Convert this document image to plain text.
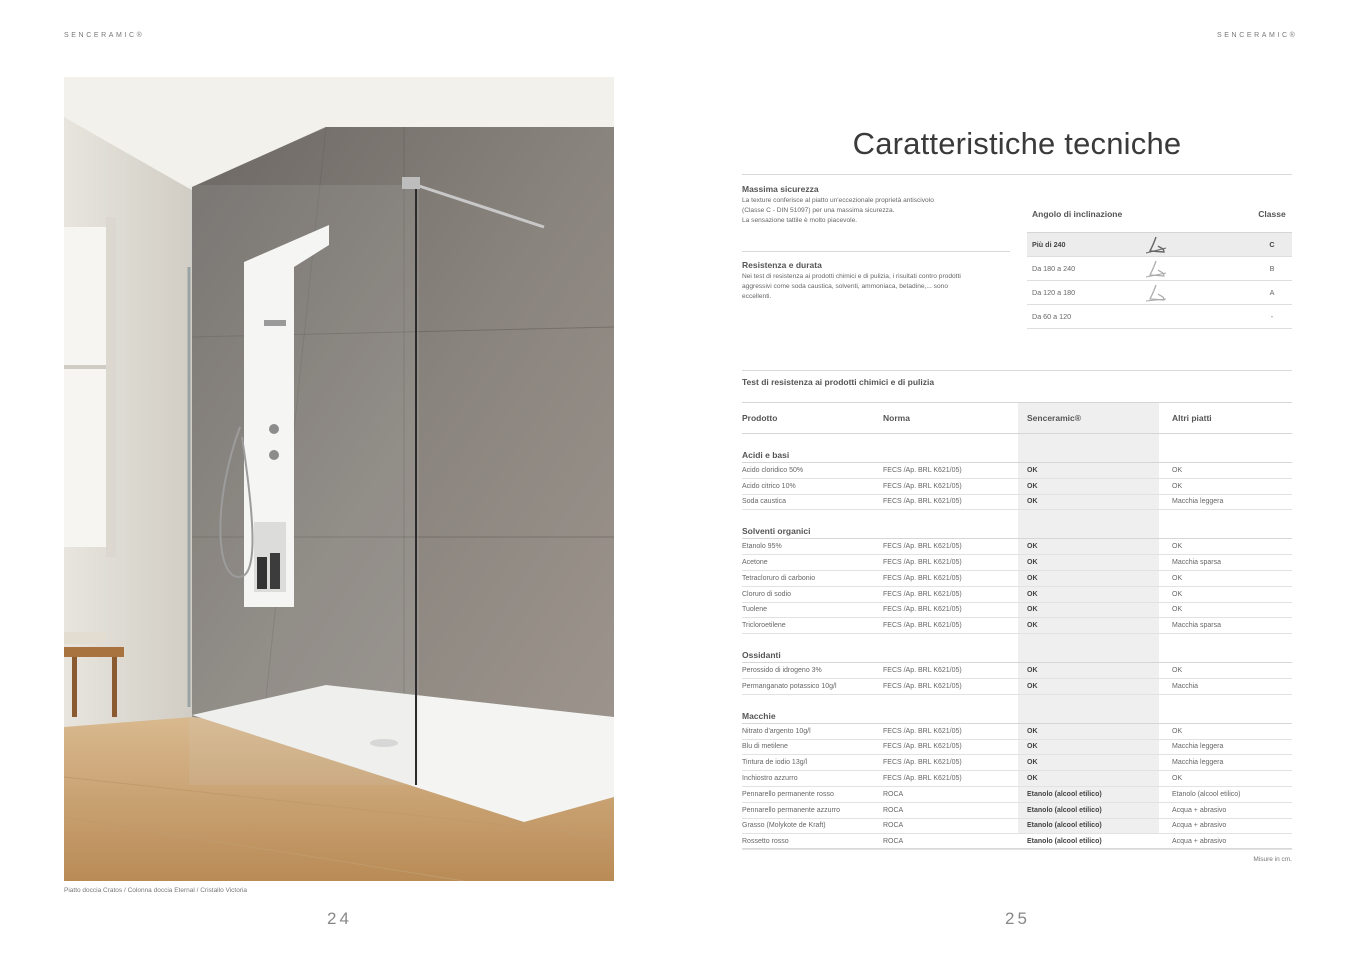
SENCERAMIC®
Piatto doccia Cratos / Colonna doccia Eternal / Cristallo Victoria
24
SENCERAMIC®
Caratteristiche tecniche
Massima sicurezza

La texture conferisce al piatto un'eccezionale proprietà antiscivolo

(Classe C - DIN 51097) per una massima sicurezza.

La sensazione tattile è molto piacevole.

Resistenza e durata

Nei test di resistenza ai prodotti chimici e di pulizia, i risultati contro prodotti

aggressivi come soda caustica, solventi, ammoniaca, betadine,... sono

eccellenti.

Angolo di inclinazione	Classe
Più di 240	C
Da 180 a 240	B
Da 120 a 180	A
Da 60 a 120	-
Test di resistenza ai prodotti chimici e di pulizia
Prodotto	Norma	Senceramic®	Altri piatti
Acidi e basi
Acido cloridico 50%	FECS /Ap. BRL K621/05)	OK	OK
Acido citrico 10%	FECS /Ap. BRL K621/05)	OK	OK
Soda caustica	FECS /Ap. BRL K621/05)	OK	Macchia leggera
Solventi organici
Etanolo 95%	FECS /Ap. BRL K621/05)	OK	OK
Acetone	FECS /Ap. BRL K621/05)	OK	Macchia sparsa
Tetracloruro di carbonio	FECS /Ap. BRL K621/05)	OK	OK
Cloruro di sodio	FECS /Ap. BRL K621/05)	OK	OK
Tuolene	FECS /Ap. BRL K621/05)	OK	OK
Tricloroetilene	FECS /Ap. BRL K621/05)	OK	Macchia sparsa
Ossidanti
Perossido di idrogeno 3%	FECS /Ap. BRL K621/05)	OK	OK
Permanganato potassico 10g/l	FECS /Ap. BRL K621/05)	OK	Macchia
Macchie
Nitrato d'argento 10g/l	FECS /Ap. BRL K621/05)	OK	OK
Blu di metilene	FECS /Ap. BRL K621/05)	OK	Macchia leggera
Tintura de iodio 13g/l	FECS /Ap. BRL K621/05)	OK	Macchia leggera
Inchiostro azzurro	FECS /Ap. BRL K621/05)	OK	OK
Pennarello permanente rosso	ROCA	Etanolo (alcool etilico)	Etanolo (alcool etilico)
Pennarello permanente azzurro	ROCA	Etanolo (alcool etilico)	Acqua + abrasivo
Grasso (Molykote de Kraft)	ROCA	Etanolo (alcool etilico)	Acqua + abrasivo
Rossetto rosso	ROCA	Etanolo (alcool etilico)	Acqua + abrasivo
Misure in cm.
25
